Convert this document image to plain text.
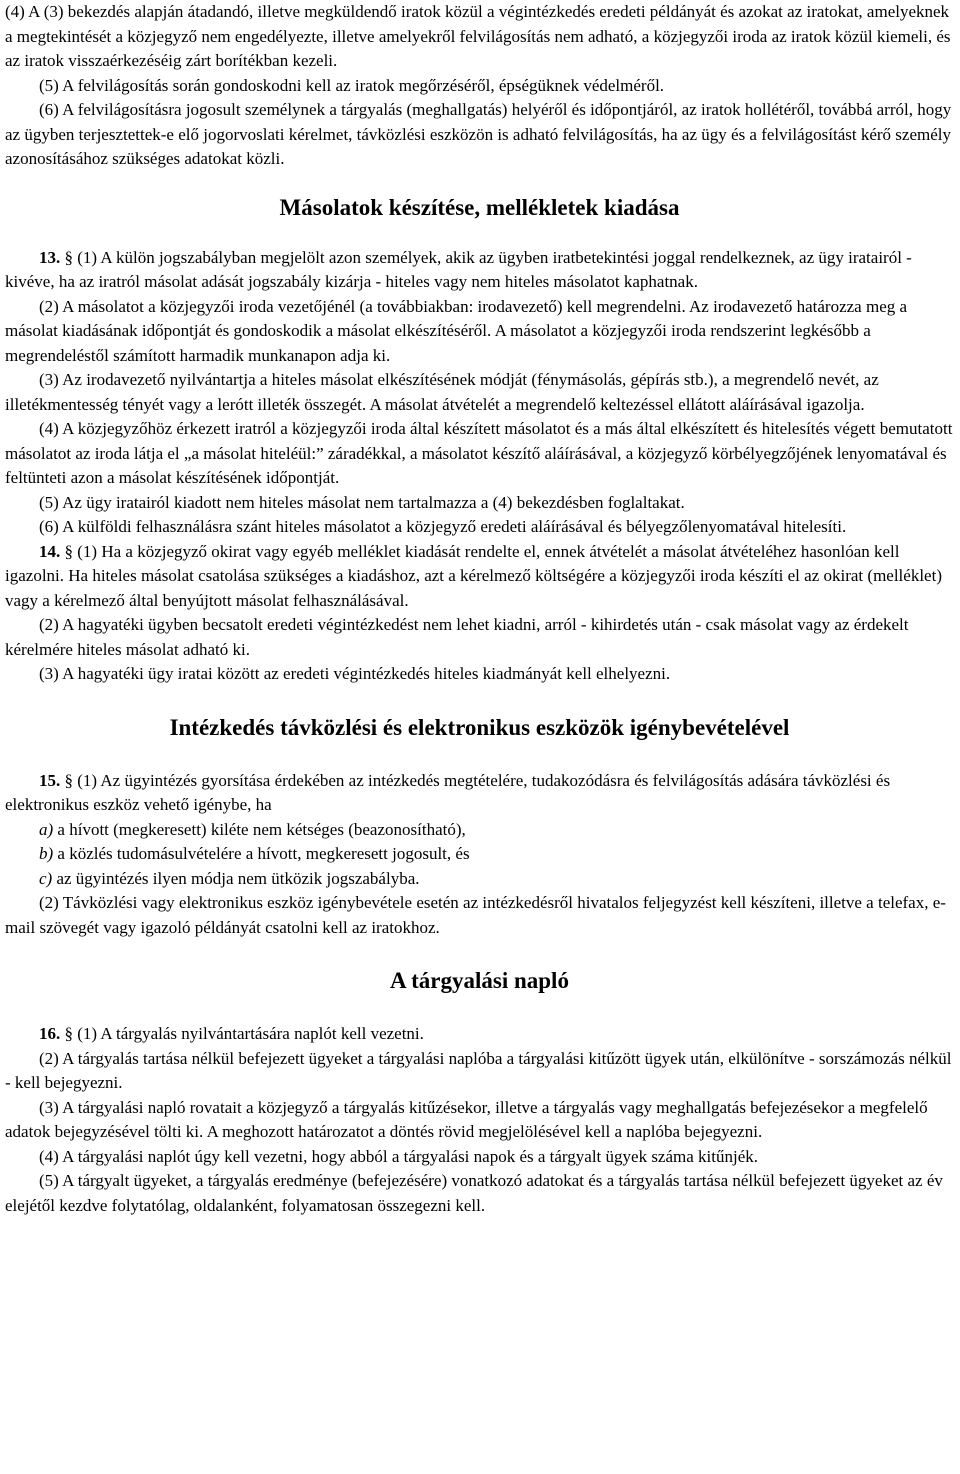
(4) A (3) bekezdés alapján átadandó, illetve megküldendő iratok közül a végintézkedés eredeti példányát és azokat az iratokat, amelyeknek a megtekintését a közjegyző nem engedélyezte, illetve amelyekről felvilágosítás nem adható, a közjegyzői iroda az iratok közül kiemeli, és az iratok visszaérkezéséig zárt borítékban kezeli.

(5) A felvilágosítás során gondoskodni kell az iratok megőrzéséről, épségüknek védelméről.

(6) A felvilágosításra jogosult személynek a tárgyalás (meghallgatás) helyéről és időpontjáról, az iratok hollétéről, továbbá arról, hogy az ügyben terjesztettek-e elő jogorvoslati kérelmet, távközlési eszközön is adható felvilágosítás, ha az ügy és a felvilágosítást kérő személy azonosításához szükséges adatokat közli.

Másolatok készítése, mellékletek kiadása

13. § (1) A külön jogszabályban megjelölt azon személyek, akik az ügyben iratbetekintési joggal rendelkeznek, az ügy iratairól - kivéve, ha az iratról másolat adását jogszabály kizárja - hiteles vagy nem hiteles másolatot kaphatnak.

(2) A másolatot a közjegyzői iroda vezetőjénél (a továbbiakban: irodavezető) kell megrendelni. Az irodavezető határozza meg a másolat kiadásának időpontját és gondoskodik a másolat elkészítéséről. A másolatot a közjegyzői iroda rendszerint legkésőbb a megrendeléstől számított harmadik munkanapon adja ki.

(3) Az irodavezető nyilvántartja a hiteles másolat elkészítésének módját (fénymásolás, gépírás stb.), a megrendelő nevét, az illetékmentesség tényét vagy a lerótt illeték összegét. A másolat átvételét a megrendelő keltezéssel ellátott aláírásával igazolja.

(4) A közjegyzőhöz érkezett iratról a közjegyzői iroda által készített másolatot és a más által elkészített és hitelesítés végett bemutatott másolatot az iroda látja el „a másolat hiteléül:” záradékkal, a másolatot készítő aláírásával, a közjegyző körbélyegzőjének lenyomatával és feltünteti azon a másolat készítésének időpontját.

(5) Az ügy iratairól kiadott nem hiteles másolat nem tartalmazza a (4) bekezdésben foglaltakat.

(6) A külföldi felhasználásra szánt hiteles másolatot a közjegyző eredeti aláírásával és bélyegzőlenyomatával hitelesíti.

14. § (1) Ha a közjegyző okirat vagy egyéb melléklet kiadását rendelte el, ennek átvételét a másolat átvételéhez hasonlóan kell igazolni. Ha hiteles másolat csatolása szükséges a kiadáshoz, azt a kérelmező költségére a közjegyzői iroda készíti el az okirat (melléklet) vagy a kérelmező által benyújtott másolat felhasználásával.

(2) A hagyatéki ügyben becsatolt eredeti végintézkedést nem lehet kiadni, arról - kihirdetés után - csak másolat vagy az érdekelt kérelmére hiteles másolat adható ki.

(3) A hagyatéki ügy iratai között az eredeti végintézkedés hiteles kiadmányát kell elhelyezni.

Intézkedés távközlési és elektronikus eszközök igénybevételével

15. § (1) Az ügyintézés gyorsítása érdekében az intézkedés megtételére, tudakozódásra és felvilágosítás adására távközlési és elektronikus eszköz vehető igénybe, ha

a) a hívott (megkeresett) kiléte nem kétséges (beazonosítható),

b) a közlés tudomásulvételére a hívott, megkeresett jogosult, és

c) az ügyintézés ilyen módja nem ütközik jogszabályba.

(2) Távközlési vagy elektronikus eszköz igénybevétele esetén az intézkedésről hivatalos feljegyzést kell készíteni, illetve a telefax, e-mail szövegét vagy igazoló példányát csatolni kell az iratokhoz.

A tárgyalási napló

16. § (1) A tárgyalás nyilvántartására naplót kell vezetni.

(2) A tárgyalás tartása nélkül befejezett ügyeket a tárgyalási naplóba a tárgyalási kitűzött ügyek után, elkülönítve - sorszámozás nélkül - kell bejegyezni.

(3) A tárgyalási napló rovatait a közjegyző a tárgyalás kitűzésekor, illetve a tárgyalás vagy meghallgatás befejezésekor a megfelelő adatok bejegyzésével tölti ki. A meghozott határozatot a döntés rövid megjelölésével kell a naplóba bejegyezni.

(4) A tárgyalási naplót úgy kell vezetni, hogy abból a tárgyalási napok és a tárgyalt ügyek száma kitűnjék.

(5) A tárgyalt ügyeket, a tárgyalás eredménye (befejezésére) vonatkozó adatokat és a tárgyalás tartása nélkül befejezett ügyeket az év elejétől kezdve folytatólag, oldalanként, folyamatosan összegezni kell.
